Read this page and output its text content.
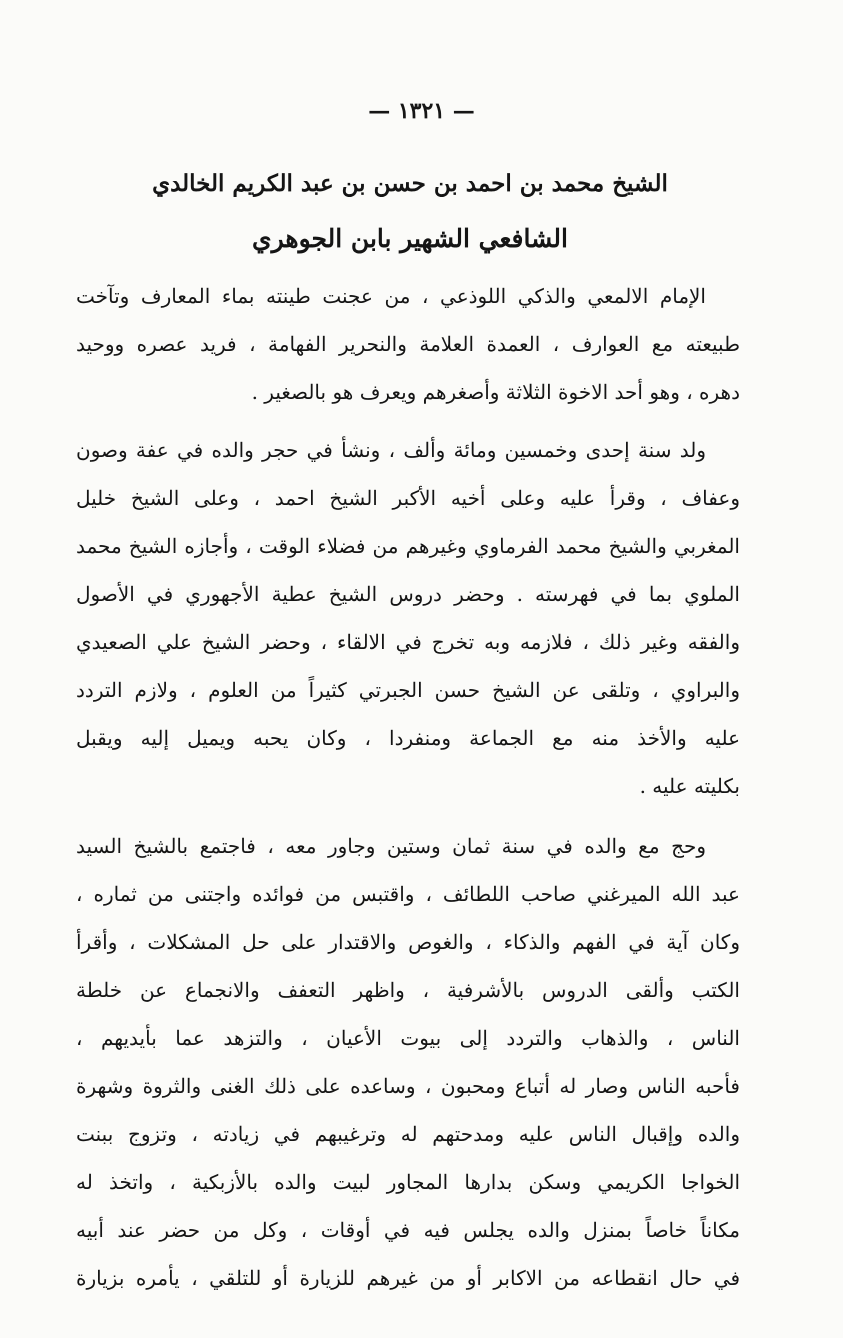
— ١٣٢١ —
الشيخ محمد بن احمد بن حسن بن عبد الكريم الخالدي
الشافعي الشهير بابن الجوهري
الإمام الالمعي والذكي اللوذعي ، من عجنت طينته بماء المعارف وتآخت
طبيعته مع العوارف ، العمدة العلامة والنحرير الفهامة ، فريد عصره ووحيد
دهره ، وهو أحد الاخوة الثلاثة وأصغرهم ويعرف هو بالصغير .
ولد سنة إحدى وخمسين ومائة وألف ، ونشأ في حجر والده في عفة وصون
وعفاف ، وقرأ عليه وعلى أخيه الأكبر الشيخ احمد ، وعلى الشيخ خليل
المغربي والشيخ محمد الفرماوي وغيرهم من فضلاء الوقت ، وأجازه الشيخ محمد
الملوي بما في فهرسته . وحضر دروس الشيخ عطية الأجهوري في الأصول
والفقه وغير ذلك ، فلازمه وبه تخرج في الالقاء ، وحضر الشيخ علي الصعيدي
والبراوي ، وتلقى عن الشيخ حسن الجبرتي كثيراً من العلوم ، ولازم التردد
عليه والأخذ منه مع الجماعة ومنفردا ، وكان يحبه ويميل إليه ويقبل
بكليته عليه .
وحج مع والده في سنة ثمان وستين وجاور معه ، فاجتمع بالشيخ السيد
عبد الله الميرغني صاحب اللطائف ، واقتبس من فوائده واجتنى من ثماره ،
وكان آية في الفهم والذكاء ، والغوص والاقتدار على حل المشكلات ، وأقرأ
الكتب وألقى الدروس بالأشرفية ، واظهر التعفف والانجماع عن خلطة
الناس ، والذهاب والتردد إلى بيوت الأعيان ، والتزهد عما بأيديهم ،
فأحبه الناس وصار له أتباع ومحبون ، وساعده على ذلك الغنى والثروة وشهرة
والده وإقبال الناس عليه ومدحتهم له وترغيبهم في زيادته ، وتزوج ببنت
الخواجا الكريمي وسكن بدارها المجاور لبيت والده بالأزبكية ، واتخذ له
مكاناً خاصاً بمنزل والده يجلس فيه في أوقات ، وكل من حضر عند أبيه
في حال انقطاعه من الاكابر أو من غيرهم للزيارة أو للتلقي ، يأمره بزيارة
